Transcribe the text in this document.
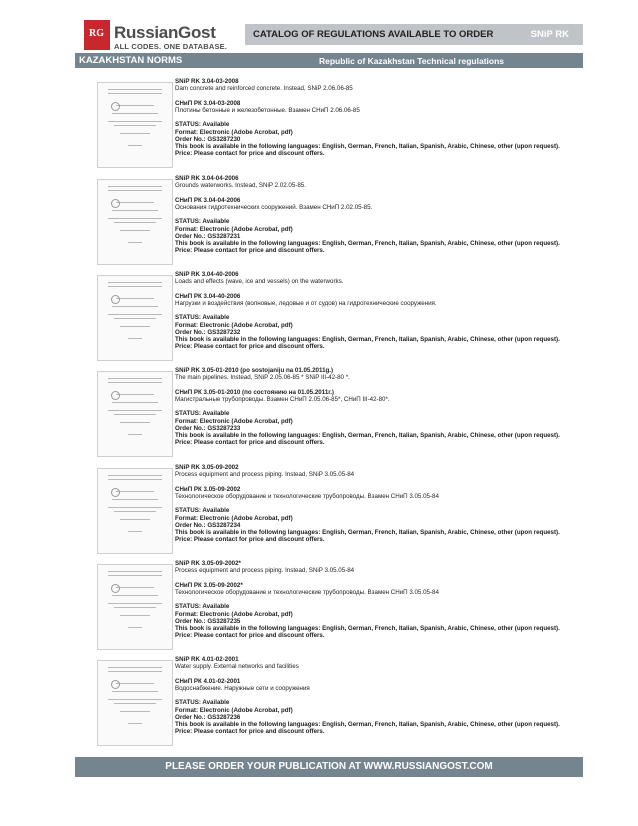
RG RussianGost
ALL CODES. ONE DATABASE.
CATALOG OF REGULATIONS AVAILABLE TO ORDER	SNiP RK
KAZAKHSTAN NORMS	Republic of Kazakhstan Technical regulations
SNiP RK 3.04-03-2008
Dam concrete and reinforced concrete. Instead, SNiP 2.06.06-85
СНиП РК 3.04-03-2008
Плотины бетонные и железобетонные. Взамен СНиП 2.06.06-85
STATUS: Available
Format: Electronic (Adobe Acrobat, pdf)
Order No.: GS3287230
This book is available in the following languages: English, German, French, Italian, Spanish, Arabic, Chinese, other (upon request).
Price: Please contact for price and discount offers.
SNiP RK 3.04-04-2006
Grounds waterworks. Instead, SNiP 2.02.05-85.
СНиП РК 3.04-04-2006
Основания гидротехнических сооружений. Взамен СНиП 2.02.05-85.
STATUS: Available
Format: Electronic (Adobe Acrobat, pdf)
Order No.: GS3287231
This book is available in the following languages: English, German, French, Italian, Spanish, Arabic, Chinese, other (upon request).
Price: Please contact for price and discount offers.
SNiP RK 3.04-40-2006
Loads and effects (wave, ice and vessels) on the waterworks.
СНиП РК 3.04-40-2006
Нагрузки и воздействия (волновые, ледовые и от судов) на гидротехнические сооружения.
STATUS: Available
Format: Electronic (Adobe Acrobat, pdf)
Order No.: GS3287232
This book is available in the following languages: English, German, French, Italian, Spanish, Arabic, Chinese, other (upon request).
Price: Please contact for price and discount offers.
SNiP RK 3.05-01-2010 (po sostojaniju na 01.05.2011g.)
The main pipelines. Instead, SNiP 2.05.06-85 * SNiP III-42-80 *.
СНиП РК 3.05-01-2010 (по состоянию на 01.05.2011г.)
Магистральные трубопроводы. Взамен СНиП 2.05.06-85*, СНиП III-42-80*.
STATUS: Available
Format: Electronic (Adobe Acrobat, pdf)
Order No.: GS3287233
This book is available in the following languages: English, German, French, Italian, Spanish, Arabic, Chinese, other (upon request).
Price: Please contact for price and discount offers.
SNiP RK 3.05-09-2002
Process equipment and process piping. Instead, SNiP 3.05.05-84
СНиП РК 3.05-09-2002
Технологическое оборудование и технологические трубопроводы. Взамен СНиП 3.05.05-84
STATUS: Available
Format: Electronic (Adobe Acrobat, pdf)
Order No.: GS3287234
This book is available in the following languages: English, German, French, Italian, Spanish, Arabic, Chinese, other (upon request).
Price: Please contact for price and discount offers.
SNiP RK 3.05-09-2002*
Process equipment and process piping. Instead, SNiP 3.05.05-84
СНиП РК 3.05-09-2002*
Технологическое оборудование и технологические трубопроводы. Взамен СНиП 3.05.05-84
STATUS: Available
Format: Electronic (Adobe Acrobat, pdf)
Order No.: GS3287235
This book is available in the following languages: English, German, French, Italian, Spanish, Arabic, Chinese, other (upon request).
Price: Please contact for price and discount offers.
SNiP RK 4.01-02-2001
Water supply. External networks and facilities
СНиП РК 4.01-02-2001
Водоснабжение. Наружные сети и сооружения
STATUS: Available
Format: Electronic (Adobe Acrobat, pdf)
Order No.: GS3287236
This book is available in the following languages: English, German, French, Italian, Spanish, Arabic, Chinese, other (upon request).
Price: Please contact for price and discount offers.
PLEASE ORDER YOUR PUBLICATION AT WWW.RUSSIANGOST.COM
